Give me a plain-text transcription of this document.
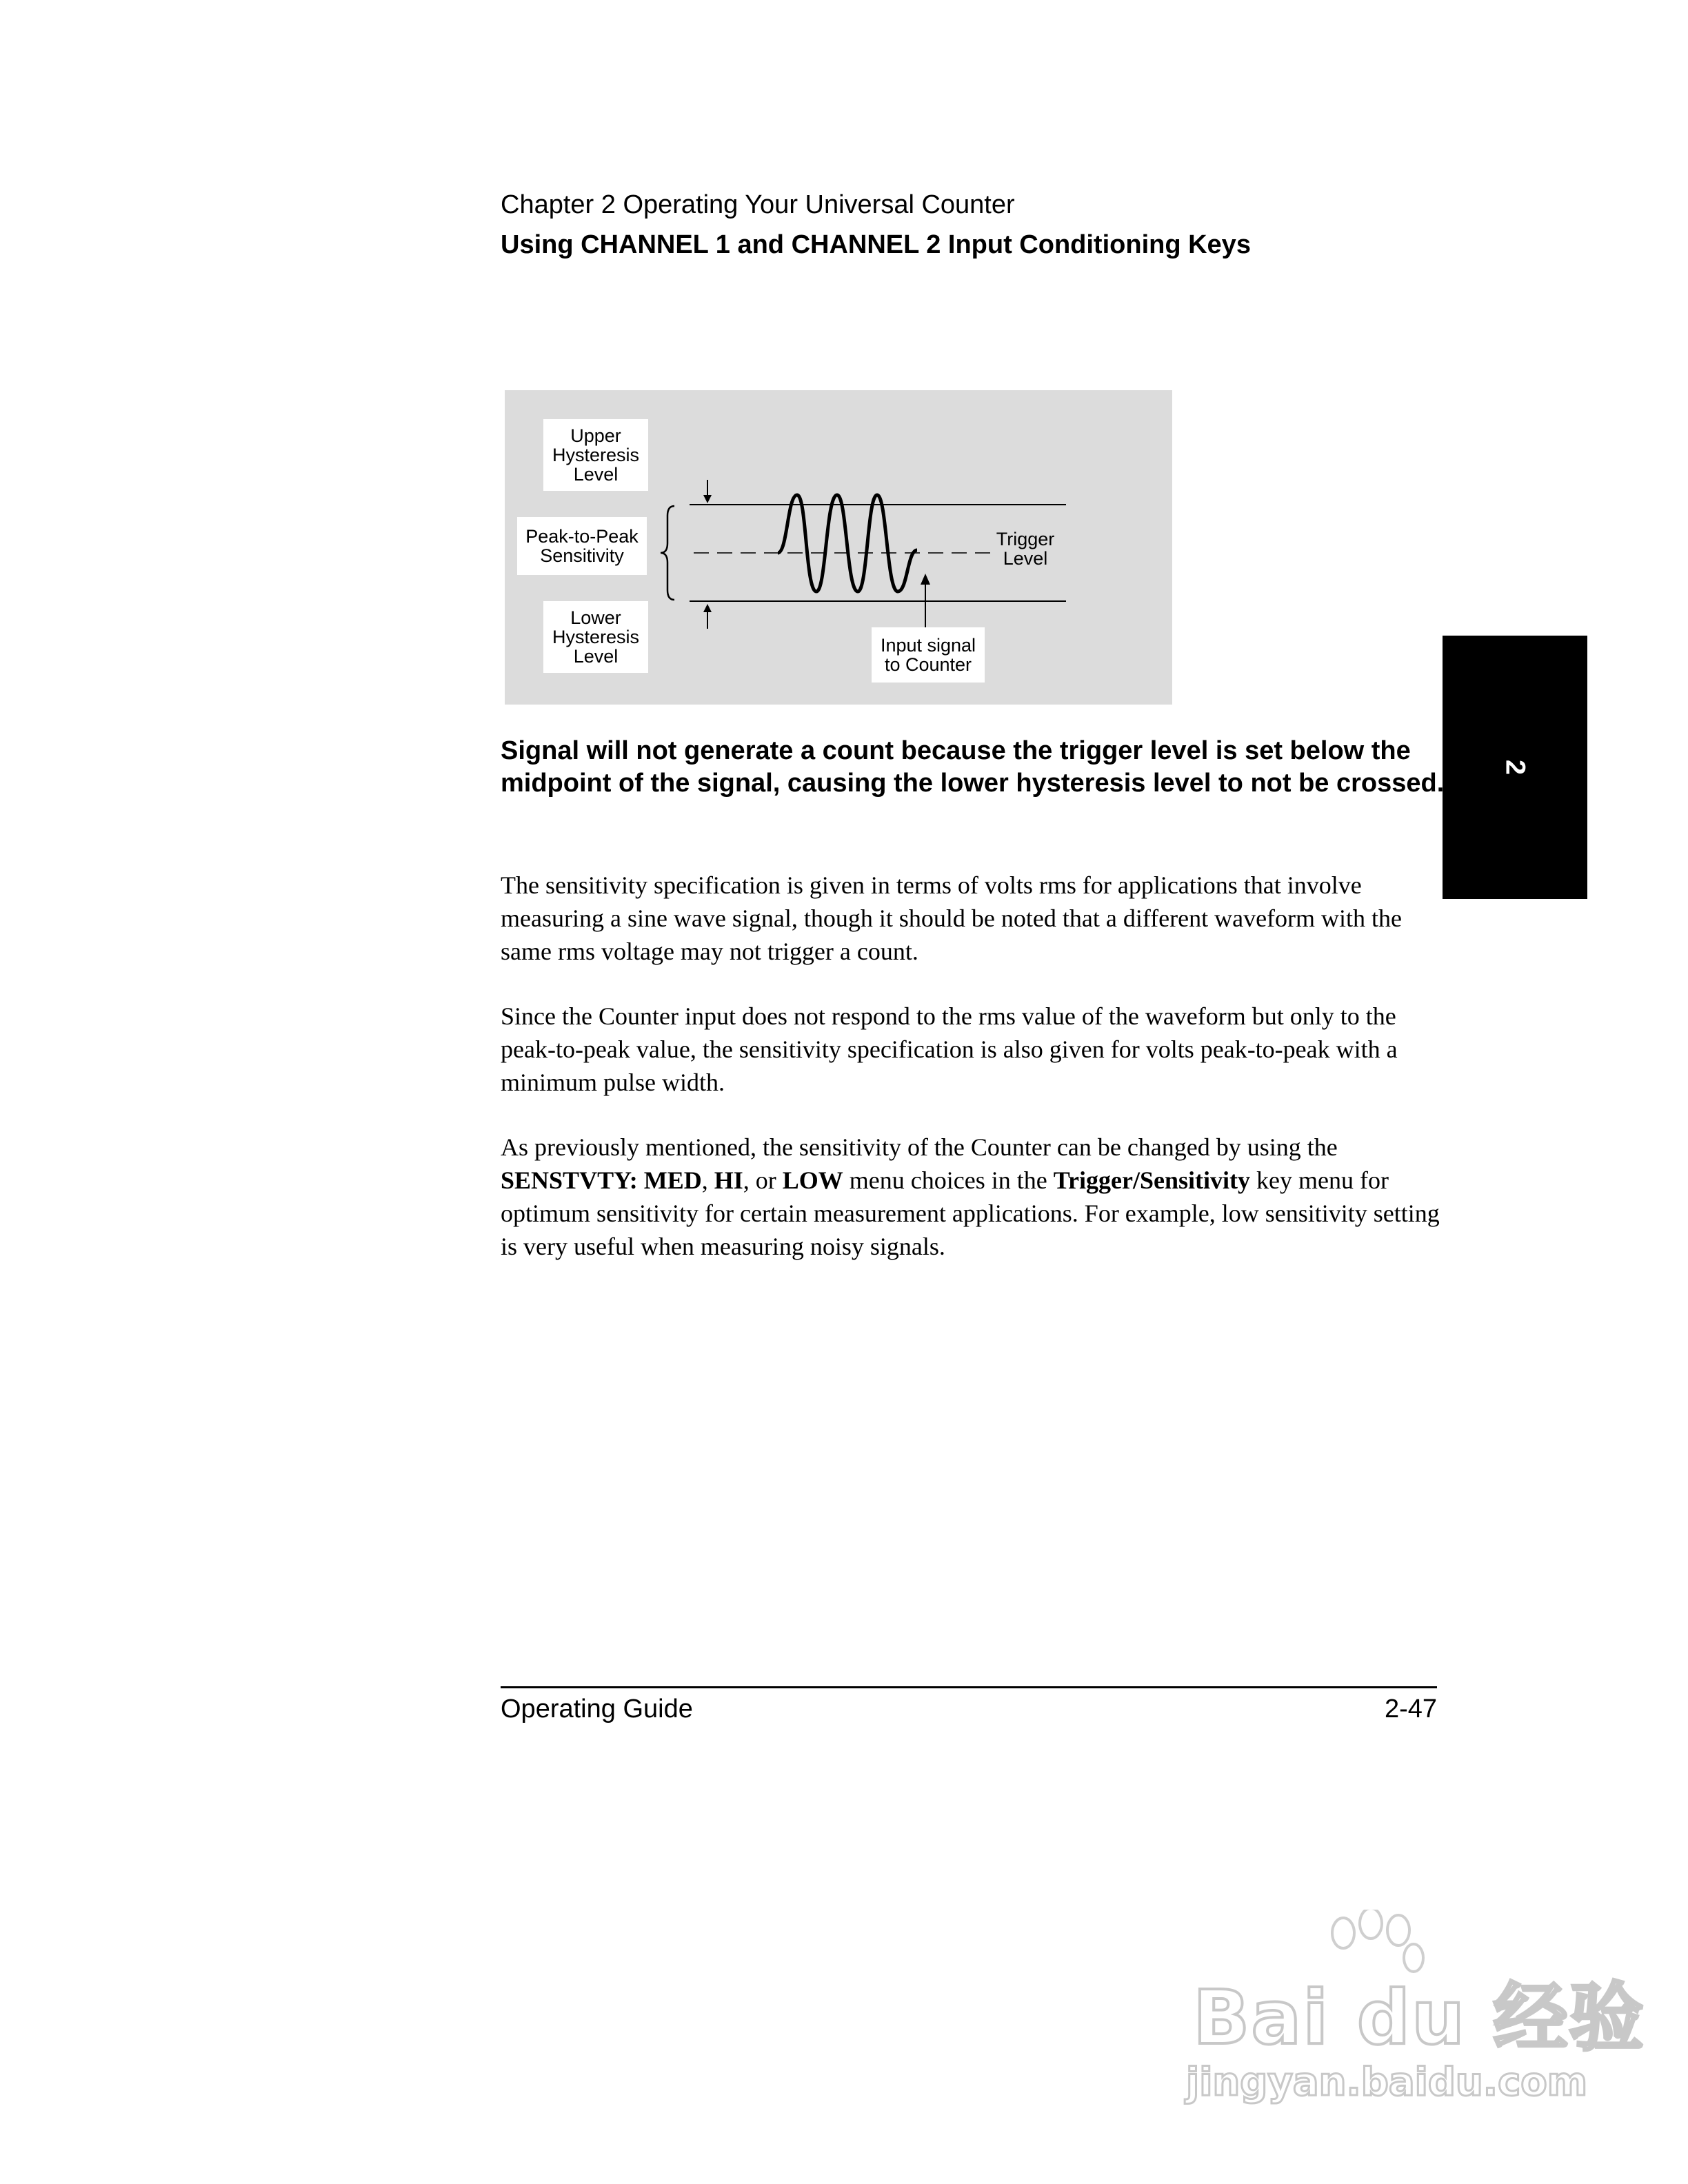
Chapter 2 Operating Your Universal Counter
Using CHANNEL 1 and CHANNEL 2 Input Conditioning Keys
Upper
Hysteresis
Level
Peak-to-Peak
Sensitivity
Lower
Hysteresis
Level
Trigger
Level
Input signal
to Counter
2
Signal will not generate a count because the trigger level is set below the midpoint of the signal, causing the lower hysteresis level to not be crossed.
The sensitivity specification is given in terms of volts rms for applications that involve measuring a sine wave signal, though it should be noted that a different waveform with the same rms voltage may not trigger a count.
Since the Counter input does not respond to the rms value of the waveform but only to the peak-to-peak value, the sensitivity specification is also given for volts peak-to-peak with a minimum pulse width.
As previously mentioned, the sensitivity of the Counter can be changed by using the SENSTVTY: MED, HI, or LOW menu choices in the Trigger/Sensitivity key menu for optimum sensitivity for certain measurement applications. For example, low sensitivity setting is very useful when measuring noisy signals.
Operating Guide	2-47
Bai du 经验
jingyan.baidu.com
